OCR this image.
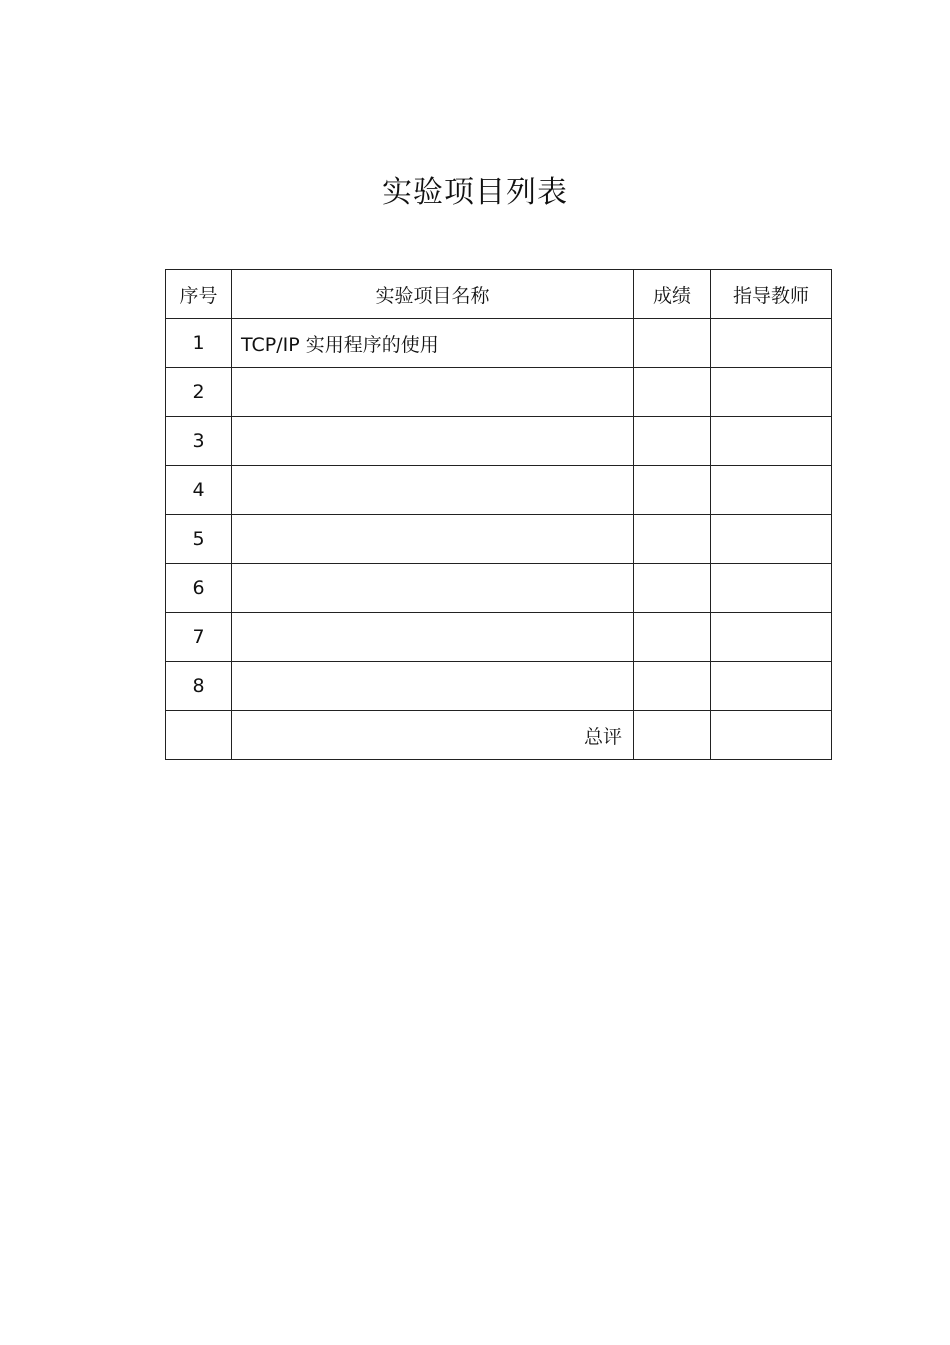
实验项目列表
序号	实验项目名称	成绩	指导教师
1	TCP/IP 实用程序的使用		
2			
3			
4			
5			
6			
7			
8			
	总评		
